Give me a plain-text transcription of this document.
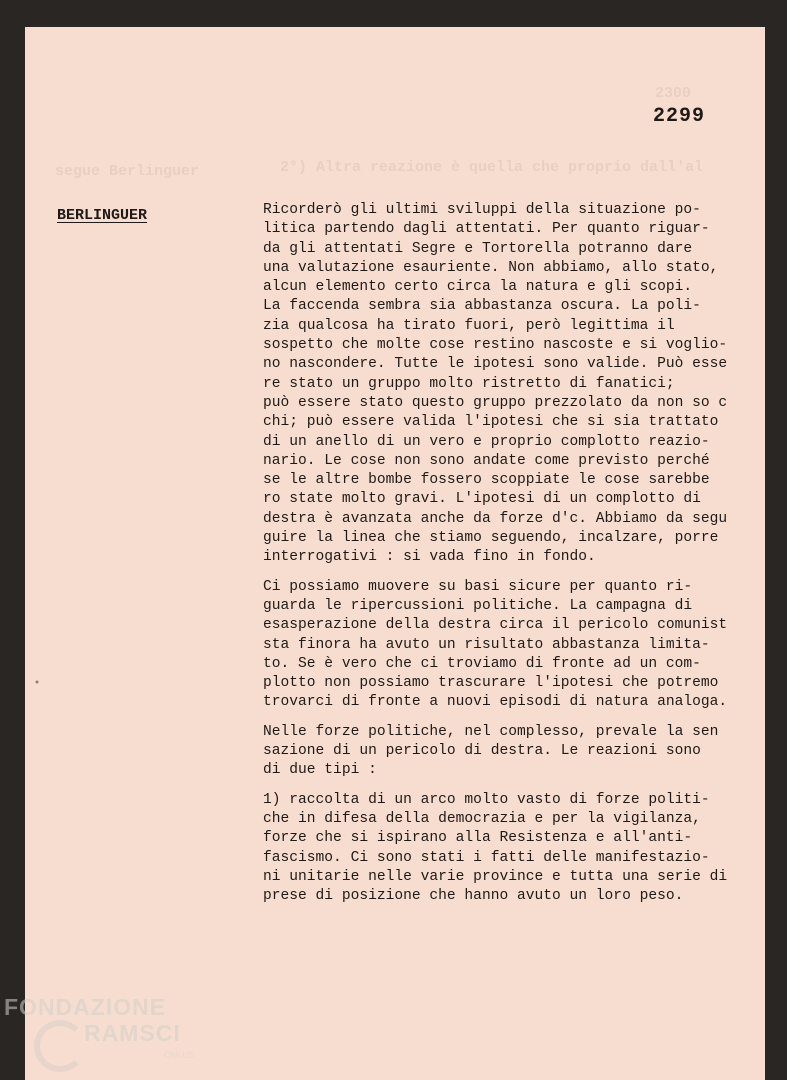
2300
segue Berlinguer	2°) Altra reazione è quella che proprio dall'al
2299
BERLINGUER	Ricorderò gli ultimi sviluppi della situazione po-
litica partendo dagli attentati. Per quanto riguar-
da gli attentati Segre e Tortorella potranno dare
una valutazione esauriente. Non abbiamo, allo stato,
alcun elemento certo circa la natura e gli scopi.
La faccenda sembra sia abbastanza oscura. La poli-
zia qualcosa ha tirato fuori, però legittima il
sospetto che molte cose restino nascoste e si voglio-
no nascondere. Tutte le ipotesi sono valide. Può esse
re stato un gruppo molto ristretto di fanatici;
può essere stato questo gruppo prezzolato da non so c
chi; può essere valida l'ipotesi che si sia trattato
di un anello di un vero e proprio complotto reazio-
nario. Le cose non sono andate come previsto perché
se le altre bombe fossero scoppiate le cose sarebbe
ro state molto gravi. L'ipotesi di un complotto di
destra è avanzata anche da forze d'c. Abbiamo da segu
guire la linea che stiamo seguendo, incalzare, porre
interrogativi : si vada fino in fondo.
Ci possiamo muovere su basi sicure per quanto ri-
guarda le ripercussioni politiche. La campagna di
esasperazione della destra circa il pericolo comunist
sta finora ha avuto un risultato abbastanza limita-
to. Se è vero che ci troviamo di fronte ad un com-
plotto non possiamo trascurare l'ipotesi che potremo
trovarci di fronte a nuovi episodi di natura analoga.
Nelle forze politiche, nel complesso, prevale la sen
sazione di un pericolo di destra. Le reazioni sono
di due tipi :
1) raccolta di un arco molto vasto di forze politi-
che in difesa della democrazia e per la vigilanza,
forze che si ispirano alla Resistenza e all'anti-
fascismo. Ci sono stati i fatti delle manifestazio-
ni unitarie nelle varie province e tutta una serie di
prese di posizione che hanno avuto un loro peso.
FONDAZIONE
RAMSCI
ONLUS
